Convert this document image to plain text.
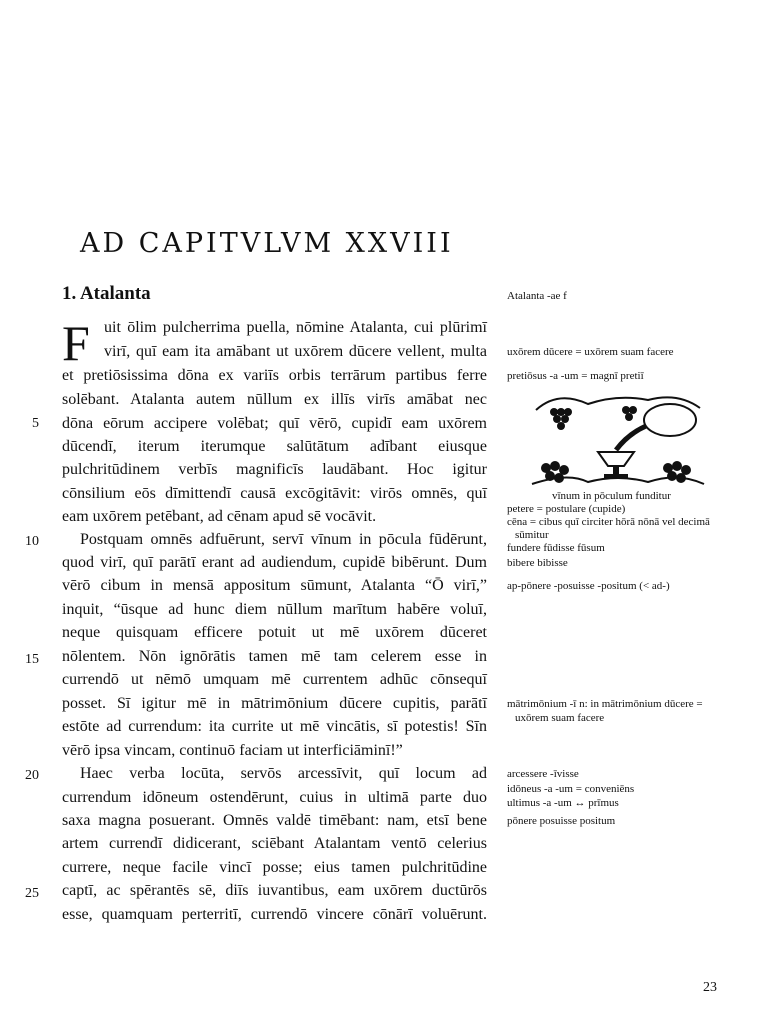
AD CAPITVLVM XXVIII
1. Atalanta
F uit ōlim pulcherrima puella, nōmine Atalanta, cui plūrimī
virī, quī eam ita amābant ut uxōrem dūcere vellent, multa
et pretiōsissima dōna ex variīs orbis terrārum partibus ferre
solēbant. Atalanta autem nūllum ex illīs virīs amābat nec
dōna eōrum accipere volēbat; quī vērō, cupidī eam uxōrem
dūcendī, iterum iterumque salūtātum adībant eiusque
pulchritūdinem verbīs magnificīs laudābant. Hoc igitur
cōnsilium eōs dīmittendī causā excōgitāvit: virōs omnēs, quī
eam uxōrem petēbant, ad cēnam apud sē vocāvit.
Postquam omnēs adfuērunt, servī vīnum in pōcula fūdērunt,
quod virī, quī parātī erant ad audiendum, cupidē bibērunt. Dum
vērō cibum in mensā appositum sūmunt, Atalanta “Ō virī,”
inquit, “ūsque ad hunc diem nūllum marītum habēre voluī,
neque quisquam efficere potuit ut mē uxōrem dūceret
nōlentem. Nōn ignōrātis tamen mē tam celerem esse in
currendō ut nēmō umquam mē currentem adhūc cōnsequī
posset. Sī igitur mē in mātrimōnium dūcere cupitis, parātī
estōte ad currendum: ita currite ut mē vincātis, sī potestis! Sīn
vērō ipsa vincam, continuō faciam ut interficiāminī!”
Haec verba locūta, servōs arcessīvit, quī locum ad
currendum idōneum ostendērunt, cuius in ultimā parte duo
saxa magna posuerant. Omnēs valdē timēbant: nam, etsī bene
artem currendī didicerant, sciēbant Atalantam ventō celerius
currere, neque facile vincī posse; eius tamen pulchritūdine
captī, ac spērantēs sē, diīs iuvantibus, eam uxōrem ductūrōs
esse, quamquam perterritī, currendō vincere cōnārī voluērunt.
5
10
15
20
25
Atalanta -ae f
uxōrem dūcere = uxōrem suam facere
pretiōsus -a -um = magnī pretiī
vīnum in pōculum funditur
petere = postulare (cupide)
cēna = cibus quī circiter hōrā nōnā vel decimā
sūmitur
fundere fūdisse fūsum
bibere bibisse
ap-pōnere -posuisse -positum (< ad-)
mātrimōnium -ī n: in mātrimōnium dūcere =
uxōrem suam facere
arcessere -īvisse
idōneus -a -um = conveniēns
ultimus -a -um ↔ prīmus
pōnere posuisse positum
23
